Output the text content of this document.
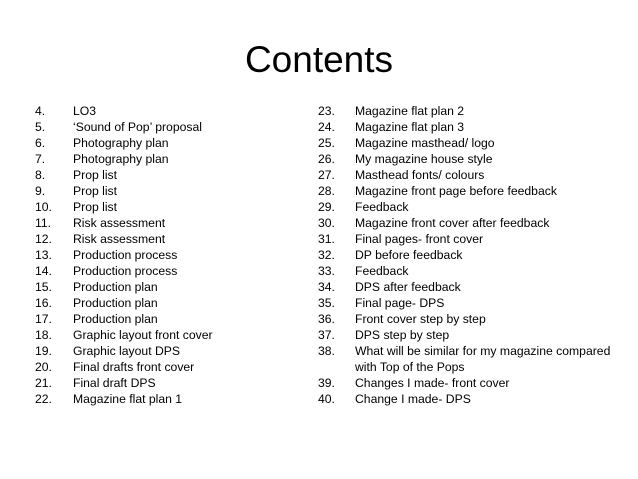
Contents
4.	LO3
5.	‘Sound of Pop’ proposal
6.	Photography plan
7.	Photography plan
8.	Prop list
9.	Prop list
10.	Prop list
11.	Risk assessment
12.	Risk assessment
13.	Production process
14.	Production process
15.	Production plan
16.	Production plan
17.	Production plan
18.	Graphic layout front cover
19.	Graphic layout DPS
20.	Final drafts front cover
21.	Final draft DPS
22.	Magazine flat plan 1
23.	Magazine flat plan 2
24.	Magazine flat plan 3
25.	Magazine masthead/ logo
26.	My magazine house style
27.	Masthead fonts/ colours
28.	Magazine front page before feedback
29.	Feedback
30.	Magazine front cover after feedback
31.	Final pages- front cover
32.	DP before feedback
33.	Feedback
34.	DPS after feedback
35.	Final page- DPS
36.	Front cover step by step
37.	DPS step by step
38.	What will be similar for my magazine compared with Top of the Pops
39.	Changes I made- front cover
40.	Change I made- DPS
